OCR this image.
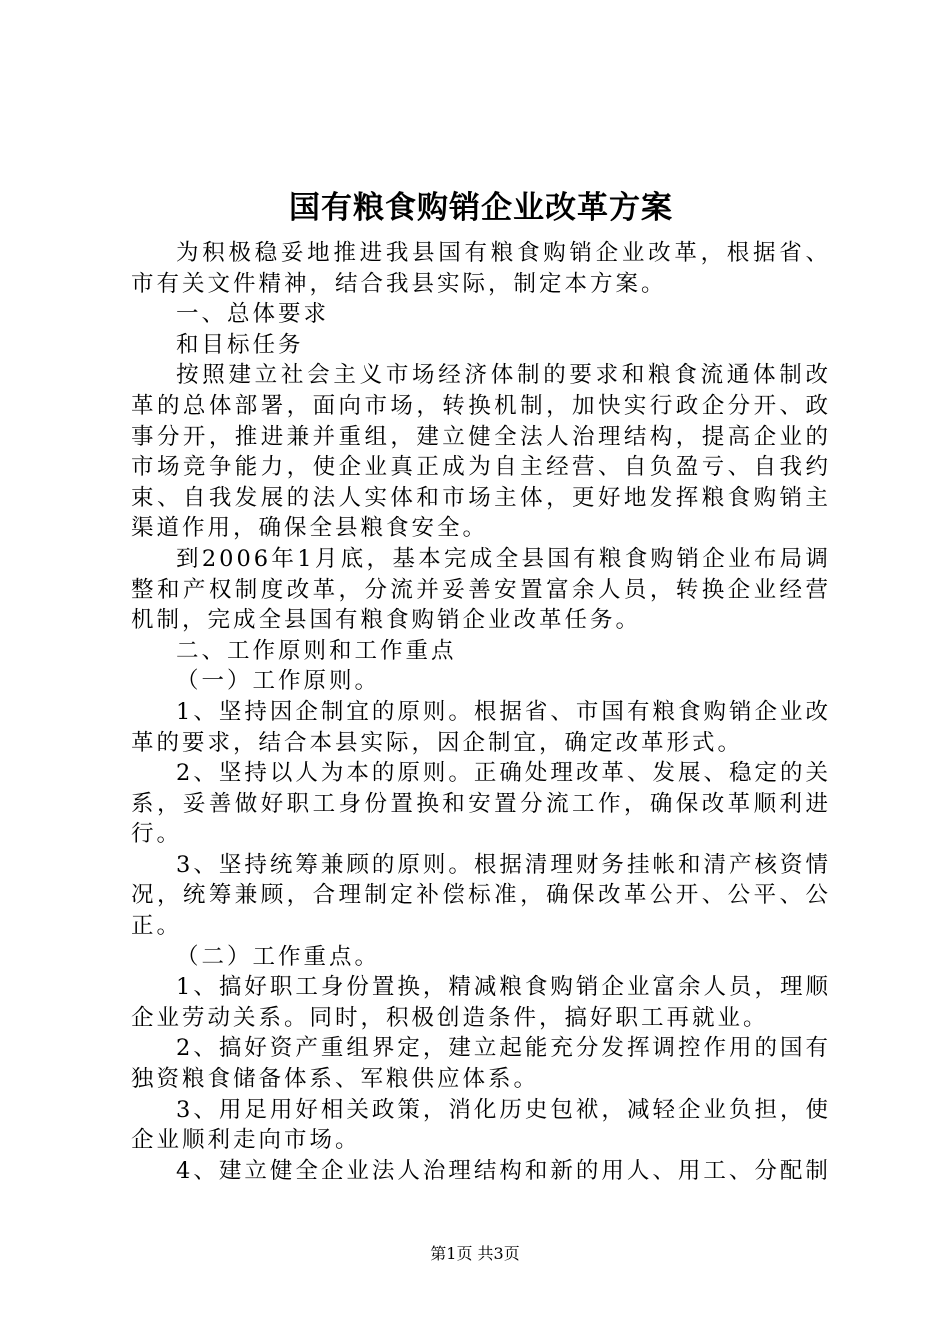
国有粮食购销企业改革方案

为积极稳妥地推进我县国有粮食购销企业改革，根据省、市有关文件精神，结合我县实际，制定本方案。

一、总体要求

和目标任务

按照建立社会主义市场经济体制的要求和粮食流通体制改革的总体部署，面向市场，转换机制，加快实行政企分开、政事分开，推进兼并重组，建立健全法人治理结构，提高企业的市场竞争能力，使企业真正成为自主经营、自负盈亏、自我约束、自我发展的法人实体和市场主体，更好地发挥粮食购销主渠道作用，确保全县粮食安全。

到2006年1月底，基本完成全县国有粮食购销企业布局调整和产权制度改革，分流并妥善安置富余人员，转换企业经营机制，完成全县国有粮食购销企业改革任务。

二、工作原则和工作重点

（一）工作原则。

1、坚持因企制宜的原则。根据省、市国有粮食购销企业改革的要求，结合本县实际，因企制宜，确定改革形式。

2、坚持以人为本的原则。正确处理改革、发展、稳定的关系，妥善做好职工身份置换和安置分流工作，确保改革顺利进行。

3、坚持统筹兼顾的原则。根据清理财务挂帐和清产核资情况，统筹兼顾，合理制定补偿标准，确保改革公开、公平、公正。

（二）工作重点。

1、搞好职工身份置换，精减粮食购销企业富余人员，理顺企业劳动关系。同时，积极创造条件，搞好职工再就业。

2、搞好资产重组界定，建立起能充分发挥调控作用的国有独资粮食储备体系、军粮供应体系。

3、用足用好相关政策，消化历史包袱，减轻企业负担，使企业顺利走向市场。

4、建立健全企业法人治理结构和新的用人、用工、分配制

第1页 共3页
